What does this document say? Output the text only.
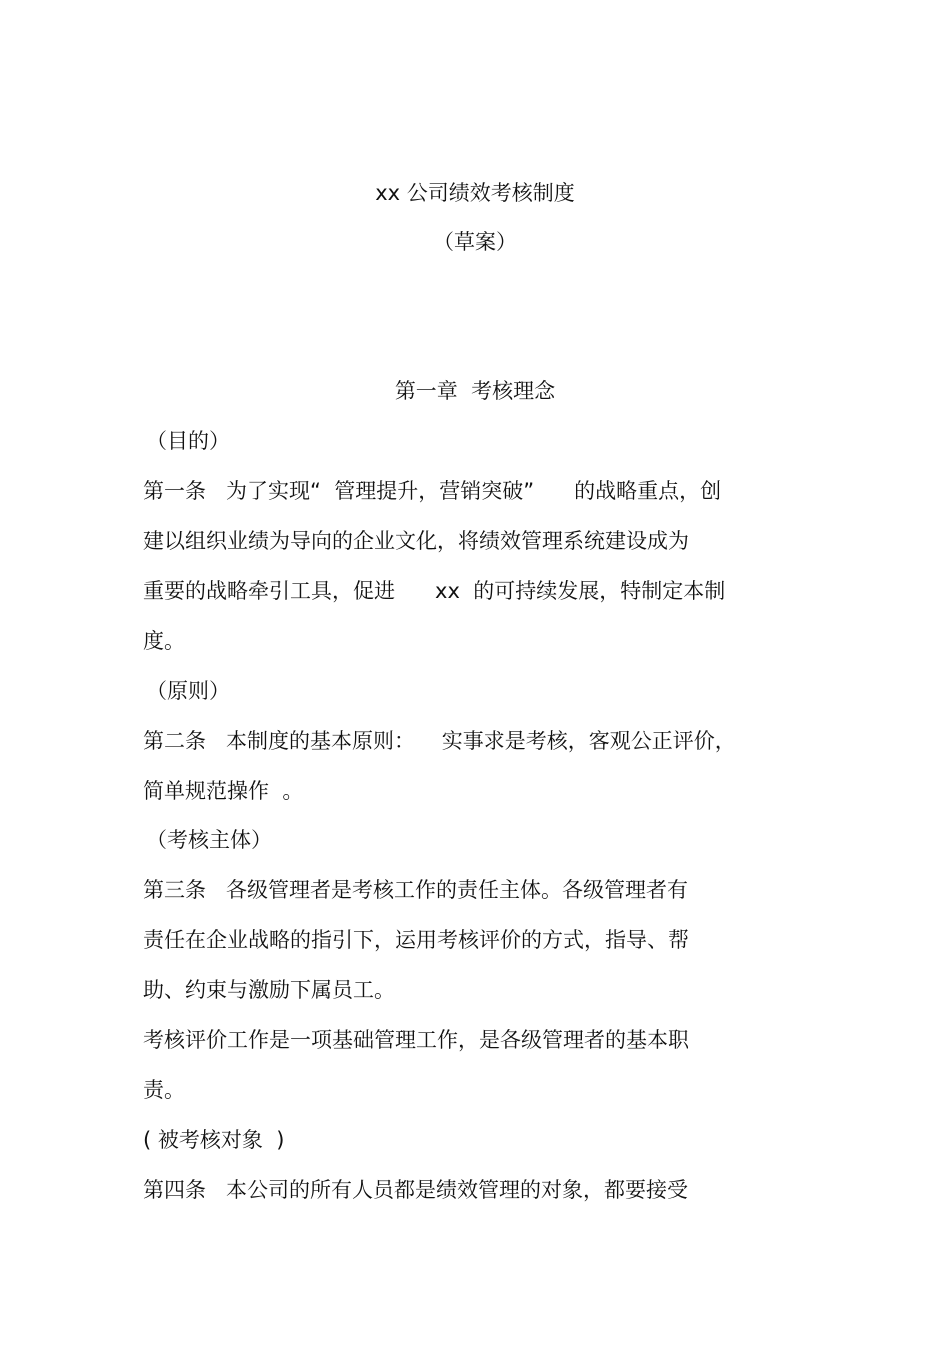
xx 公司绩效考核制度

（草案）

第一章  考核理念

（目的）

第一条   为了实现“  管理提升，营销突破”      的战略重点，创

建以组织业绩为导向的企业文化，将绩效管理系统建设成为

重要的战略牵引工具，促进      xx  的可持续发展，特制定本制

度。

（原则）

第二条   本制度的基本原则：    实事求是考核，客观公正评价，

简单规范操作  。

（考核主体）

第三条   各级管理者是考核工作的责任主体。各级管理者有

责任在企业战略的指引下，运用考核评价的方式，指导、帮

助、约束与激励下属员工。

考核评价工作是一项基础管理工作，是各级管理者的基本职

责。

( 被考核对象  )

第四条   本公司的所有人员都是绩效管理的对象，都要接受
